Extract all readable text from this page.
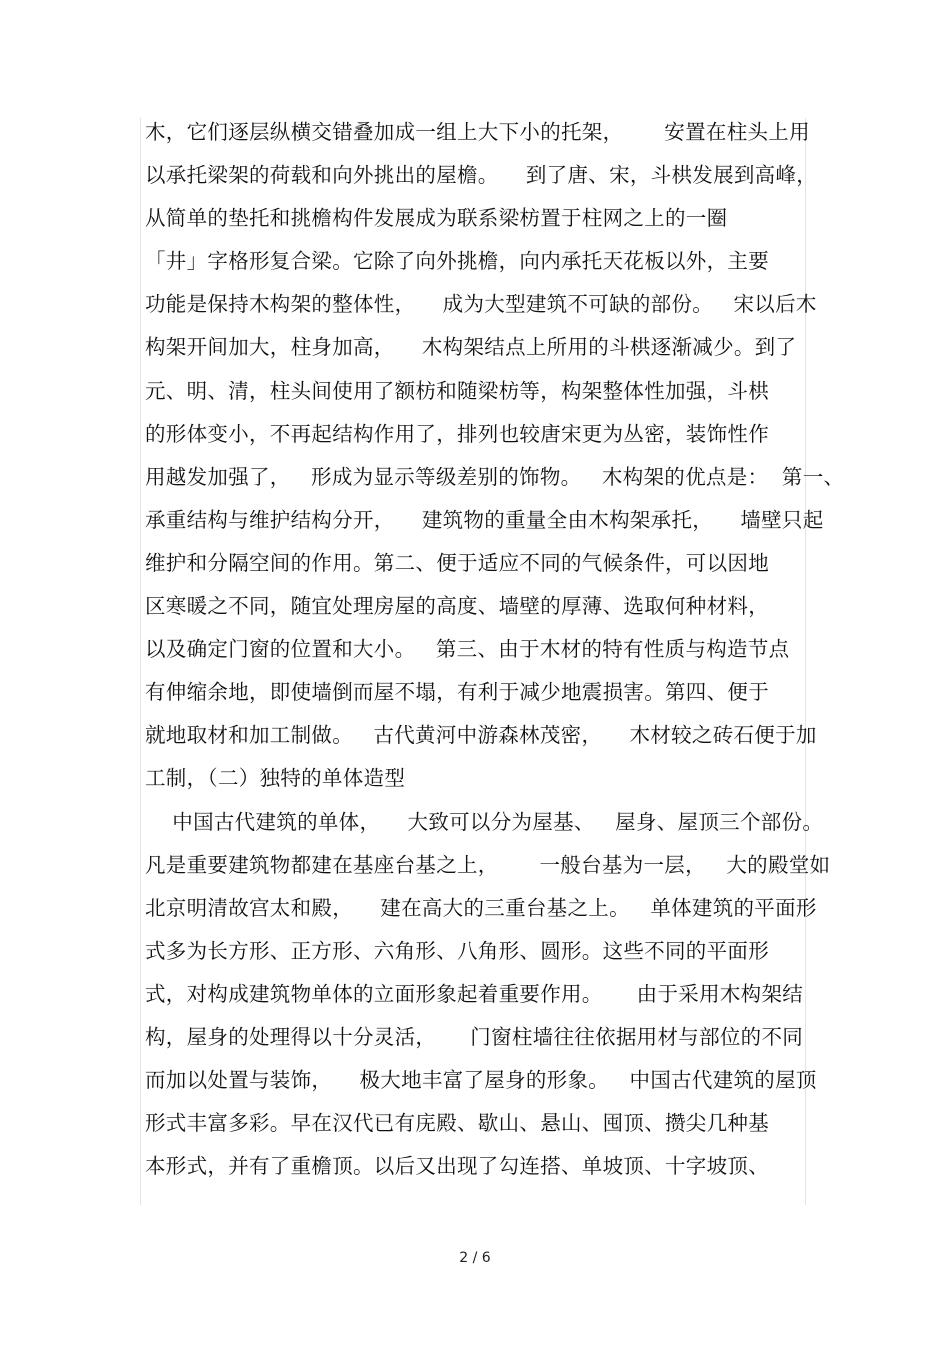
木，它们逐层纵横交错叠加成一组上大下小的托架，      安置在柱头上用
以承托梁架的荷载和向外挑出的屋檐。    到了唐、宋，斗栱发展到高峰，
从简单的垫托和挑檐构件发展成为联系梁枋置于柱网之上的一圈
「井」字格形复合梁。它除了向外挑檐，向内承托天花板以外，主要
功能是保持木构架的整体性，    成为大型建筑不可缺的部份。   宋以后木
构架开间加大，柱身加高，    木构架结点上所用的斗栱逐渐减少。到了
元、明、清，柱头间使用了额枋和随梁枋等，构架整体性加强，斗栱
的形体变小，不再起结构作用了，排列也较唐宋更为丛密，装饰性作
用越发加强了，   形成为显示等级差别的饰物。   木构架的优点是：  第一、
承重结构与维护结构分开，    建筑物的重量全由木构架承托，    墙壁只起
维护和分隔空间的作用。第二、便于适应不同的气候条件，可以因地
区寒暖之不同，随宜处理房屋的高度、墙壁的厚薄、选取何种材料，
以及确定门窗的位置和大小。   第三、由于木材的特有性质与构造节点
有伸缩余地，即使墙倒而屋不塌，有利于减少地震损害。第四、便于
就地取材和加工制做。   古代黄河中游森林茂密，    木材较之砖石便于加
工制，（二）独特的单体造型
中国古代建筑的单体，    大致可以分为屋基、   屋身、屋顶三个部份。
凡是重要建筑物都建在基座台基之上，      一般台基为一层，   大的殿堂如
北京明清故宫太和殿，    建在高大的三重台基之上。   单体建筑的平面形
式多为长方形、正方形、六角形、八角形、圆形。这些不同的平面形
式，对构成建筑物单体的立面形象起着重要作用。     由于采用木构架结
构，屋身的处理得以十分灵活，     门窗柱墙往往依据用材与部位的不同
而加以处置与装饰，    极大地丰富了屋身的形象。   中国古代建筑的屋顶
形式丰富多彩。早在汉代已有庑殿、歇山、悬山、囤顶、攒尖几种基
本形式，并有了重檐顶。以后又出现了勾连搭、单坡顶、十字坡顶、
2 / 6
